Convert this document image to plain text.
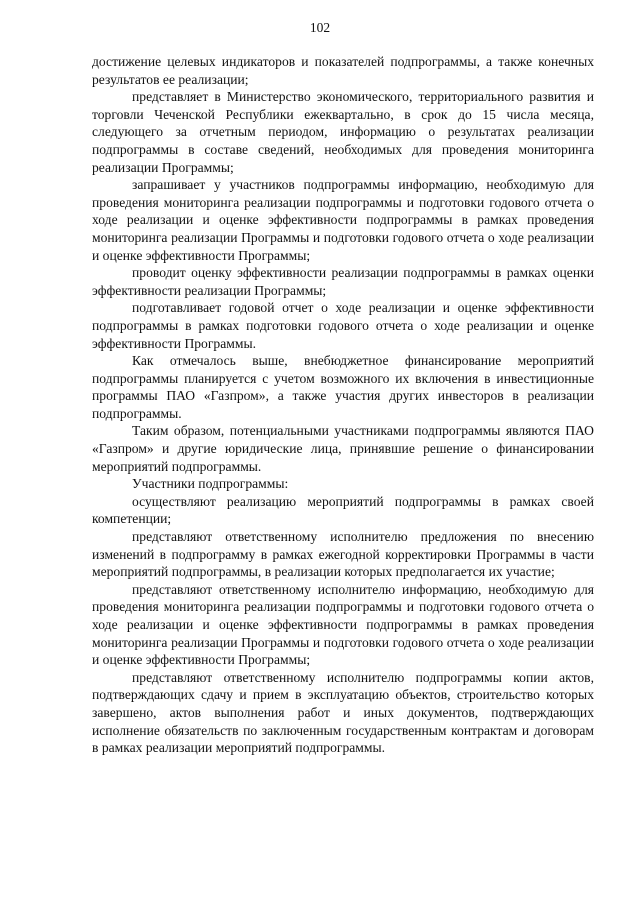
102

достижение целевых индикаторов и показателей подпрограммы, а также конечных результатов ее реализации;

представляет в Министерство экономического, территориального развития и торговли Чеченской Республики ежеквартально, в срок до 15 числа месяца, следующего за отчетным периодом, информацию о результатах реализации подпрограммы в составе сведений, необходимых для проведения мониторинга реализации Программы;

запрашивает у участников подпрограммы информацию, необходимую для проведения мониторинга реализации подпрограммы и подготовки годового отчета о ходе реализации и оценке эффективности подпрограммы в рамках проведения мониторинга реализации Программы и подготовки годового отчета о ходе реализации и оценке эффективности Программы;

проводит оценку эффективности реализации подпрограммы в рамках оценки эффективности реализации Программы;

подготавливает годовой отчет о ходе реализации и оценке эффективности подпрограммы в рамках подготовки годового отчета о ходе реализации и оценке эффективности Программы.

Как отмечалось выше, внебюджетное финансирование мероприятий подпрограммы планируется с учетом возможного их включения в инвестиционные программы ПАО «Газпром», а также участия других инвесторов в реализации подпрограммы.

Таким образом, потенциальными участниками подпрограммы являются ПАО «Газпром» и другие юридические лица, принявшие решение о финансировании мероприятий подпрограммы.

Участники подпрограммы:

осуществляют реализацию мероприятий подпрограммы в рамках своей компетенции;

представляют ответственному исполнителю предложения по внесению изменений в подпрограмму в рамках ежегодной корректировки Программы в части мероприятий подпрограммы, в реализации которых предполагается их участие;

представляют ответственному исполнителю информацию, необходимую для проведения мониторинга реализации подпрограммы и подготовки годового отчета о ходе реализации и оценке эффективности подпрограммы в рамках проведения мониторинга реализации Программы и подготовки годового отчета о ходе реализации и оценке эффективности Программы;

представляют ответственному исполнителю подпрограммы копии актов, подтверждающих сдачу и прием в эксплуатацию объектов, строительство которых завершено, актов выполнения работ и иных документов, подтверждающих исполнение обязательств по заключенным государственным контрактам и договорам в рамках реализации мероприятий подпрограммы.
